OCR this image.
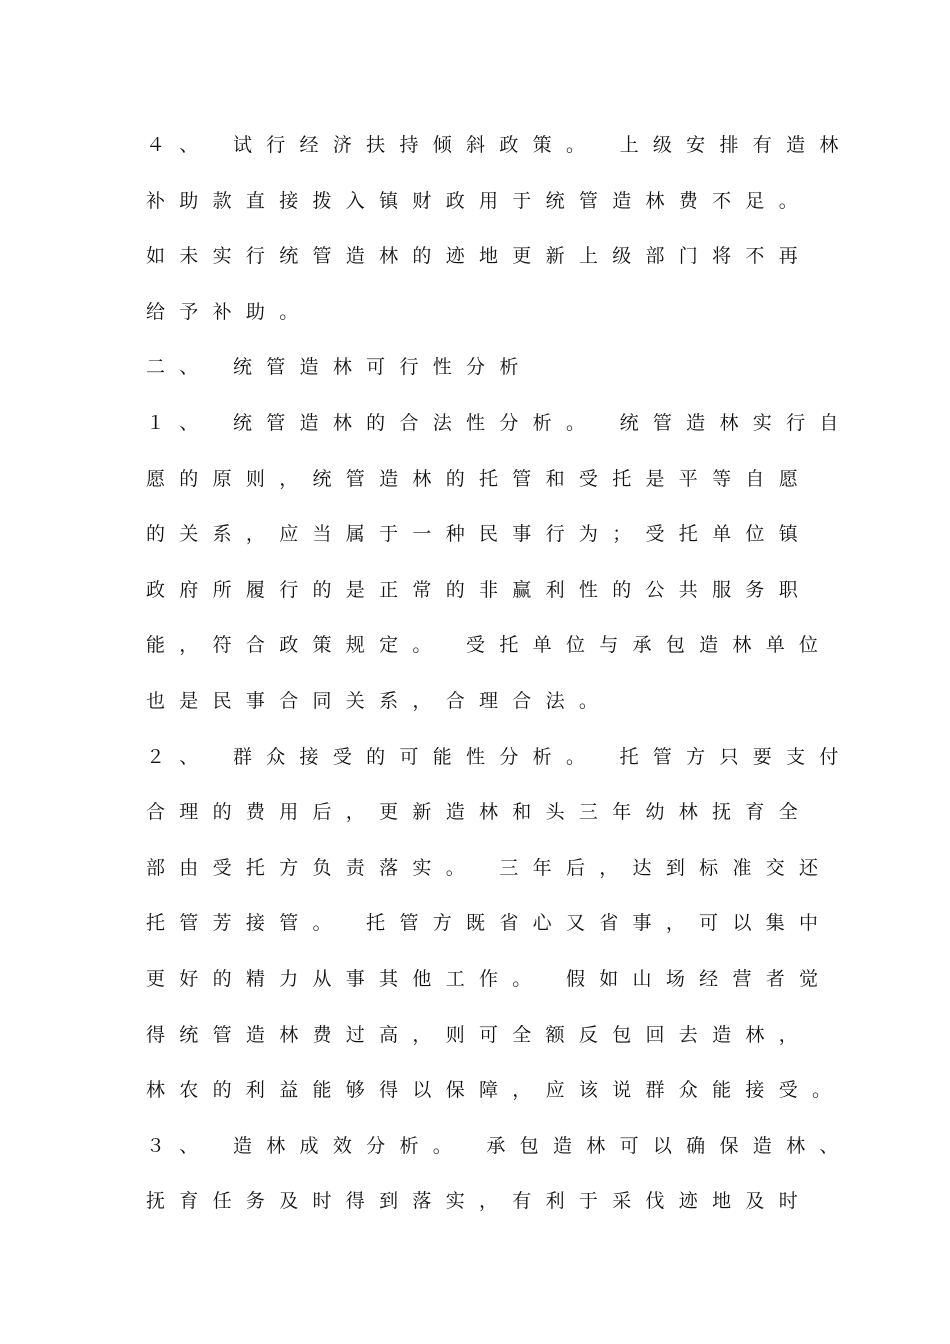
４、 试行经济扶持倾斜政策。 上级安排有造林
补助款直接拨入镇财政用于统管造林费不足。
如未实行统管造林的迹地更新上级部门将不再
给予补助。
二、 统管造林可行性分析
１、 统管造林的合法性分析。 统管造林实行自
愿的原则，统管造林的托管和受托是平等自愿
的关系，应当属于一种民事行为；受托单位镇
政府所履行的是正常的非赢利性的公共服务职
能，符合政策规定。 受托单位与承包造林单位
也是民事合同关系，合理合法。
２、 群众接受的可能性分析。 托管方只要支付
合理的费用后，更新造林和头三年幼林抚育全
部由受托方负责落实。 三年后，达到标准交还
托管芳接管。 托管方既省心又省事，可以集中
更好的精力从事其他工作。 假如山场经营者觉
得统管造林费过高，则可全额反包回去造林，
林农的利益能够得以保障，应该说群众能接受。
３、 造林成效分析。 承包造林可以确保造林、
抚育任务及时得到落实，有利于采伐迹地及时
